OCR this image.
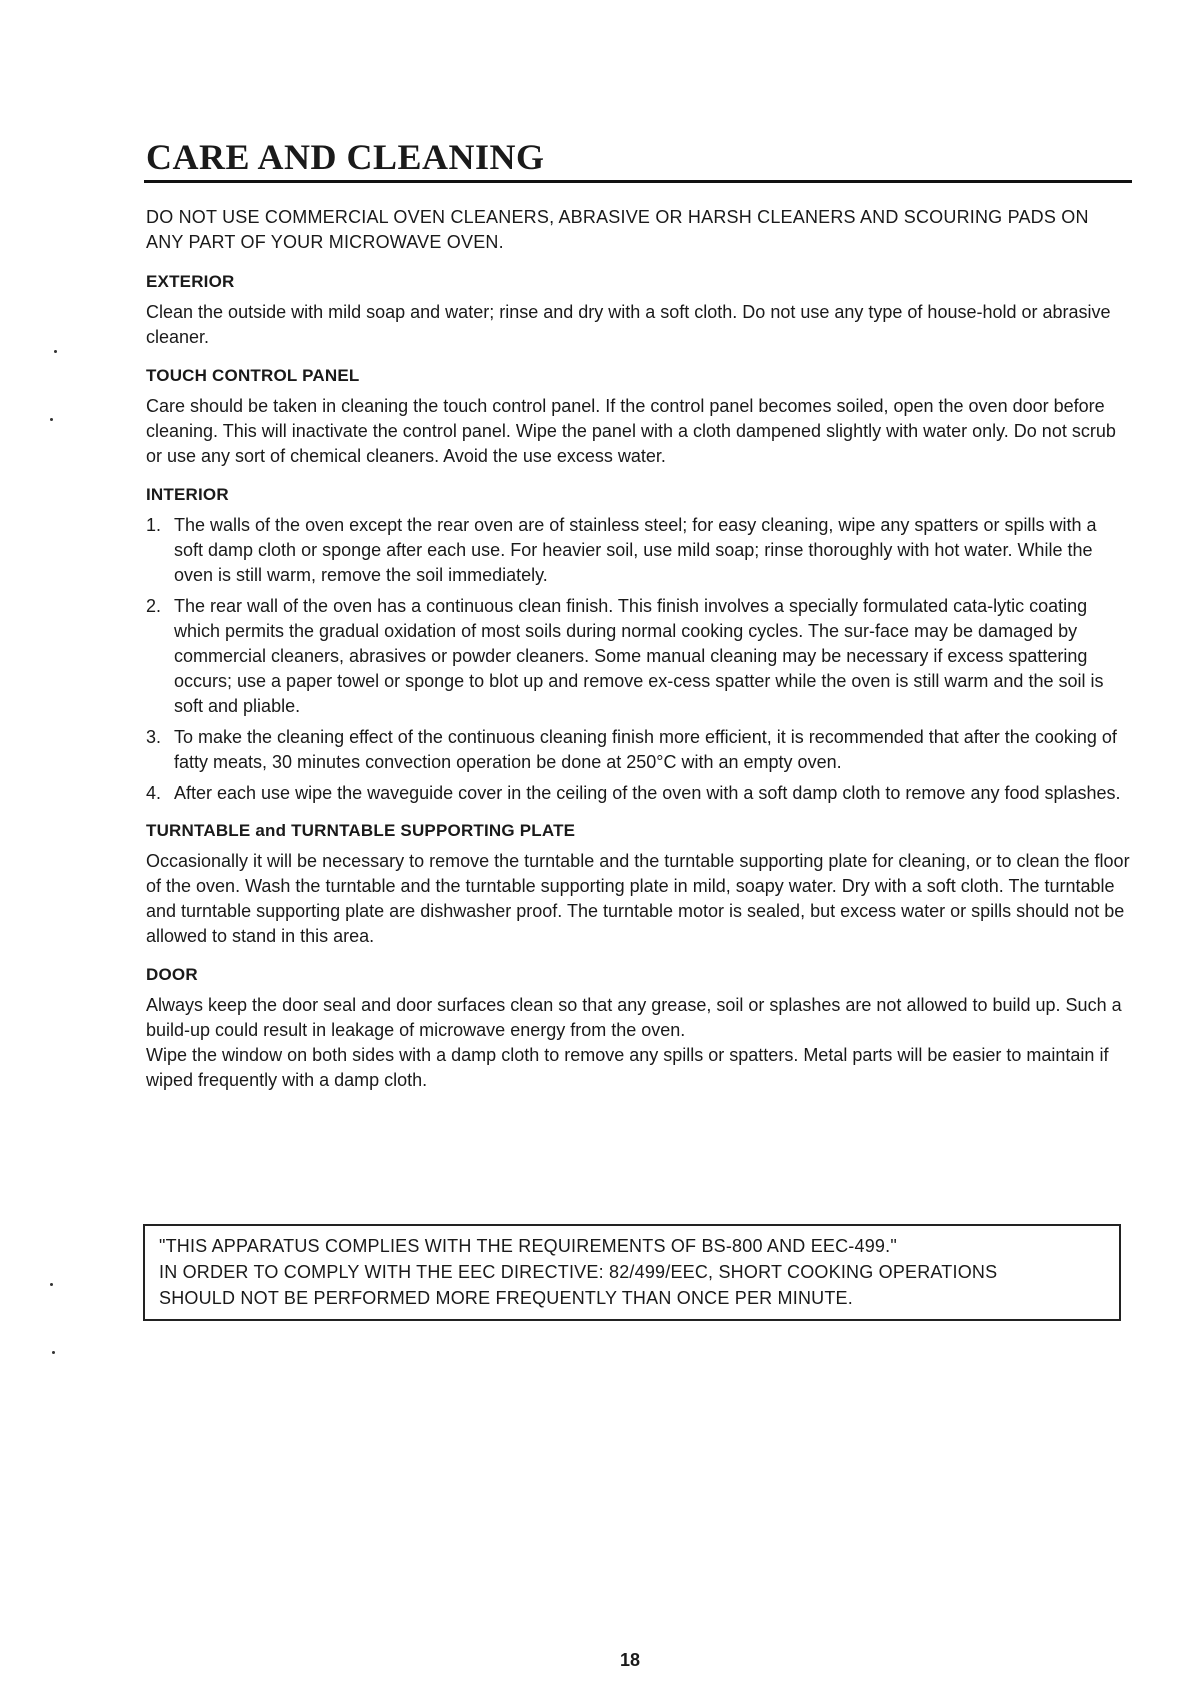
CARE AND CLEANING

DO NOT USE COMMERCIAL OVEN CLEANERS, ABRASIVE OR HARSH CLEANERS AND SCOURING PADS ON ANY PART OF YOUR MICROWAVE OVEN.

EXTERIOR

Clean the outside with mild soap and water; rinse and dry with a soft cloth. Do not use any type of house-hold or abrasive cleaner.

TOUCH CONTROL PANEL

Care should be taken in cleaning the touch control panel. If the control panel becomes soiled, open the oven door before cleaning. This will inactivate the control panel. Wipe the panel with a cloth dampened slightly with water only. Do not scrub or use any sort of chemical cleaners. Avoid the use excess water.

INTERIOR
1. The walls of the oven except the rear oven are of stainless steel; for easy cleaning, wipe any spatters or spills with a soft damp cloth or sponge after each use. For heavier soil, use mild soap; rinse thoroughly with hot water. While the oven is still warm, remove the soil immediately.
2. The rear wall of the oven has a continuous clean finish. This finish involves a specially formulated cata-lytic coating which permits the gradual oxidation of most soils during normal cooking cycles. The sur-face may be damaged by commercial cleaners, abrasives or powder cleaners. Some manual cleaning may be necessary if excess spattering occurs; use a paper towel or sponge to blot up and remove ex-cess spatter while the oven is still warm and the soil is soft and pliable.
3. To make the cleaning effect of the continuous cleaning finish more efficient, it is recommended that after the cooking of fatty meats, 30 minutes convection operation be done at 250°C with an empty oven.
4. After each use wipe the waveguide cover in the ceiling of the oven with a soft damp cloth to remove any food splashes.
TURNTABLE and TURNTABLE SUPPORTING PLATE

Occasionally it will be necessary to remove the turntable and the turntable supporting plate for cleaning, or to clean the floor of the oven. Wash the turntable and the turntable supporting plate in mild, soapy water. Dry with a soft cloth. The turntable and turntable supporting plate are dishwasher proof. The turntable motor is sealed, but excess water or spills should not be allowed to stand in this area.

DOOR

Always keep the door seal and door surfaces clean so that any grease, soil or splashes are not allowed to build up. Such a build-up could result in leakage of microwave energy from the oven.

Wipe the window on both sides with a damp cloth to remove any spills or spatters. Metal parts will be easier to maintain if wiped frequently with a damp cloth.

"THIS APPARATUS COMPLIES WITH THE REQUIREMENTS OF BS-800 AND EEC-499."
IN ORDER TO COMPLY WITH THE EEC DIRECTIVE: 82/499/EEC, SHORT COOKING OPERATIONS
SHOULD NOT BE PERFORMED MORE FREQUENTLY THAN ONCE PER MINUTE.
18
